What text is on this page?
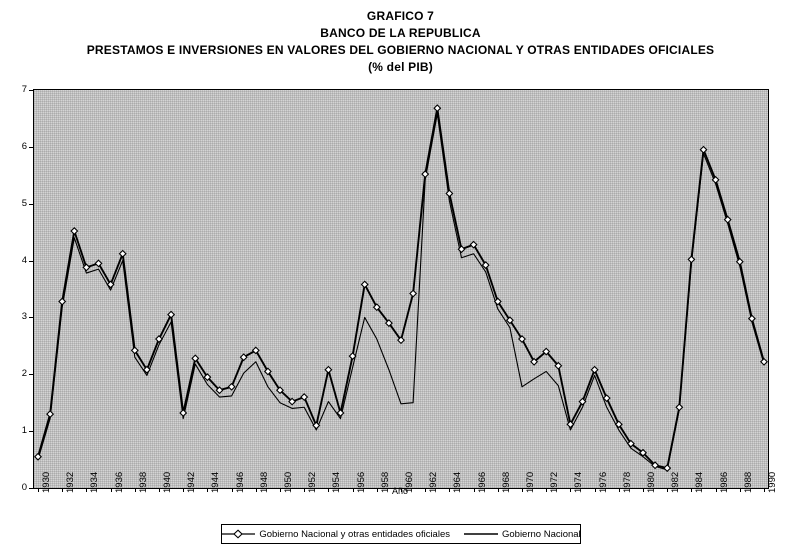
GRAFICO 7
BANCO DE LA REPUBLICA
PRESTAMOS E INVERSIONES EN VALORES DEL GOBIERNO NACIONAL Y OTRAS ENTIDADES OFICIALES
(% del PIB)
0
1
2
3
4
5
6
7
1930 1932 1934 1936 1938 1940 1942 1944 1946 1948 1950 1952 1954 1956 1958 1960 1962 1964 1966 1968 1970 1972 1974 1976 1978 1980 1982 1984 1986 1988 1990
Año
Gobierno Nacional y otras entidades oficiales	Gobierno Nacional
